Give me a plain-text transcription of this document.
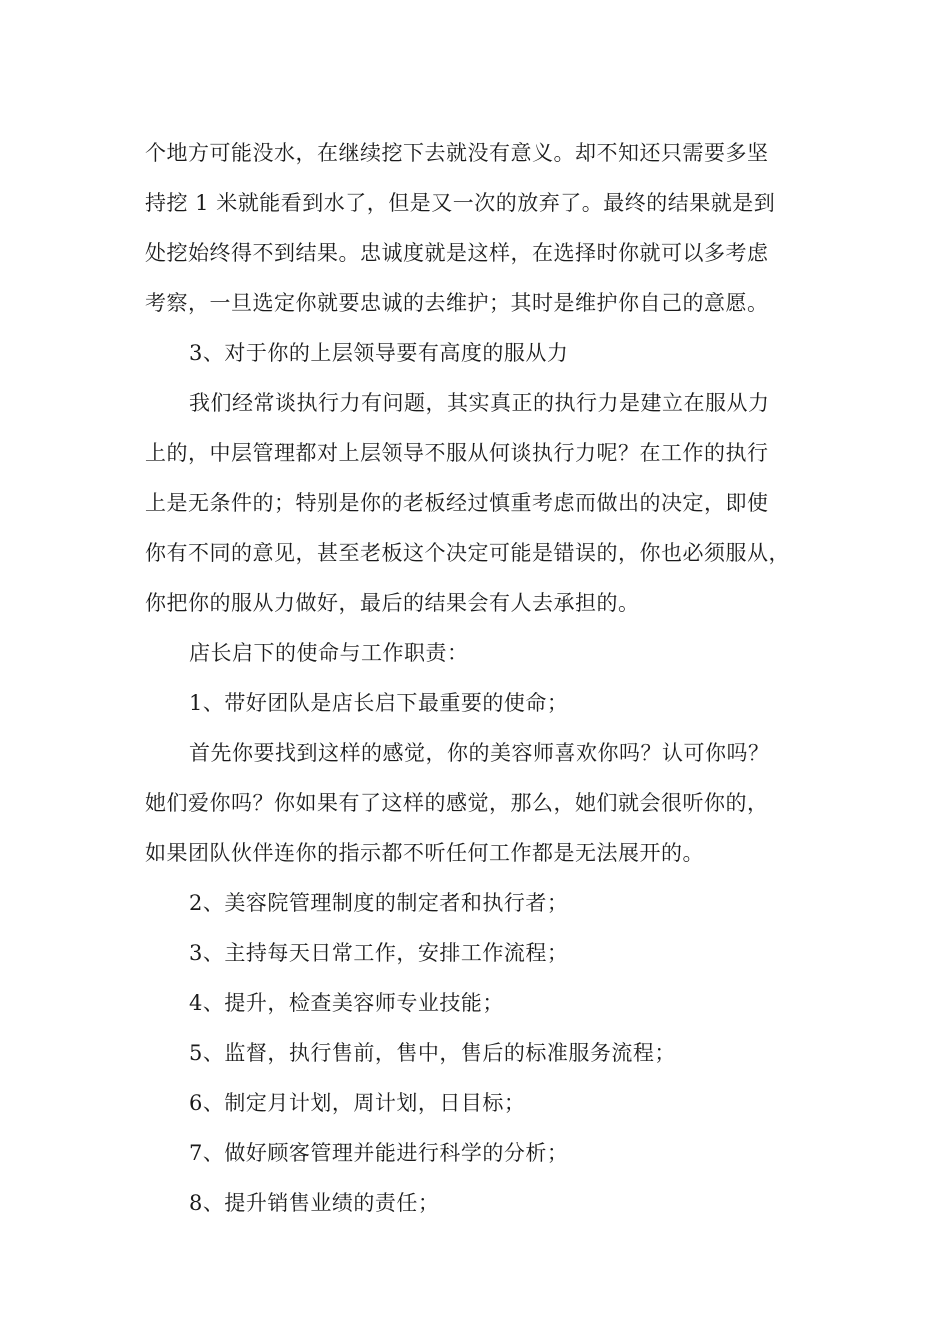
个地方可能没水，在继续挖下去就没有意义。却不知还只需要多坚
持挖 1 米就能看到水了，但是又一次的放弃了。最终的结果就是到
处挖始终得不到结果。忠诚度就是这样，在选择时你就可以多考虑
考察，一旦选定你就要忠诚的去维护；其时是维护你自己的意愿。
3、对于你的上层领导要有高度的服从力
我们经常谈执行力有问题，其实真正的执行力是建立在服从力
上的，中层管理都对上层领导不服从何谈执行力呢？在工作的执行
上是无条件的；特别是你的老板经过慎重考虑而做出的决定，即使
你有不同的意见，甚至老板这个决定可能是错误的，你也必须服从，
你把你的服从力做好，最后的结果会有人去承担的。
店长启下的使命与工作职责：
1、带好团队是店长启下最重要的使命；
首先你要找到这样的感觉，你的美容师喜欢你吗？认可你吗？
她们爱你吗？你如果有了这样的感觉，那么，她们就会很听你的，
如果团队伙伴连你的指示都不听任何工作都是无法展开的。
2、美容院管理制度的制定者和执行者；
3、主持每天日常工作，安排工作流程；
4、提升，检查美容师专业技能；
5、监督，执行售前，售中，售后的标准服务流程；
6、制定月计划，周计划，日目标；
7、做好顾客管理并能进行科学的分析；
8、提升销售业绩的责任；
